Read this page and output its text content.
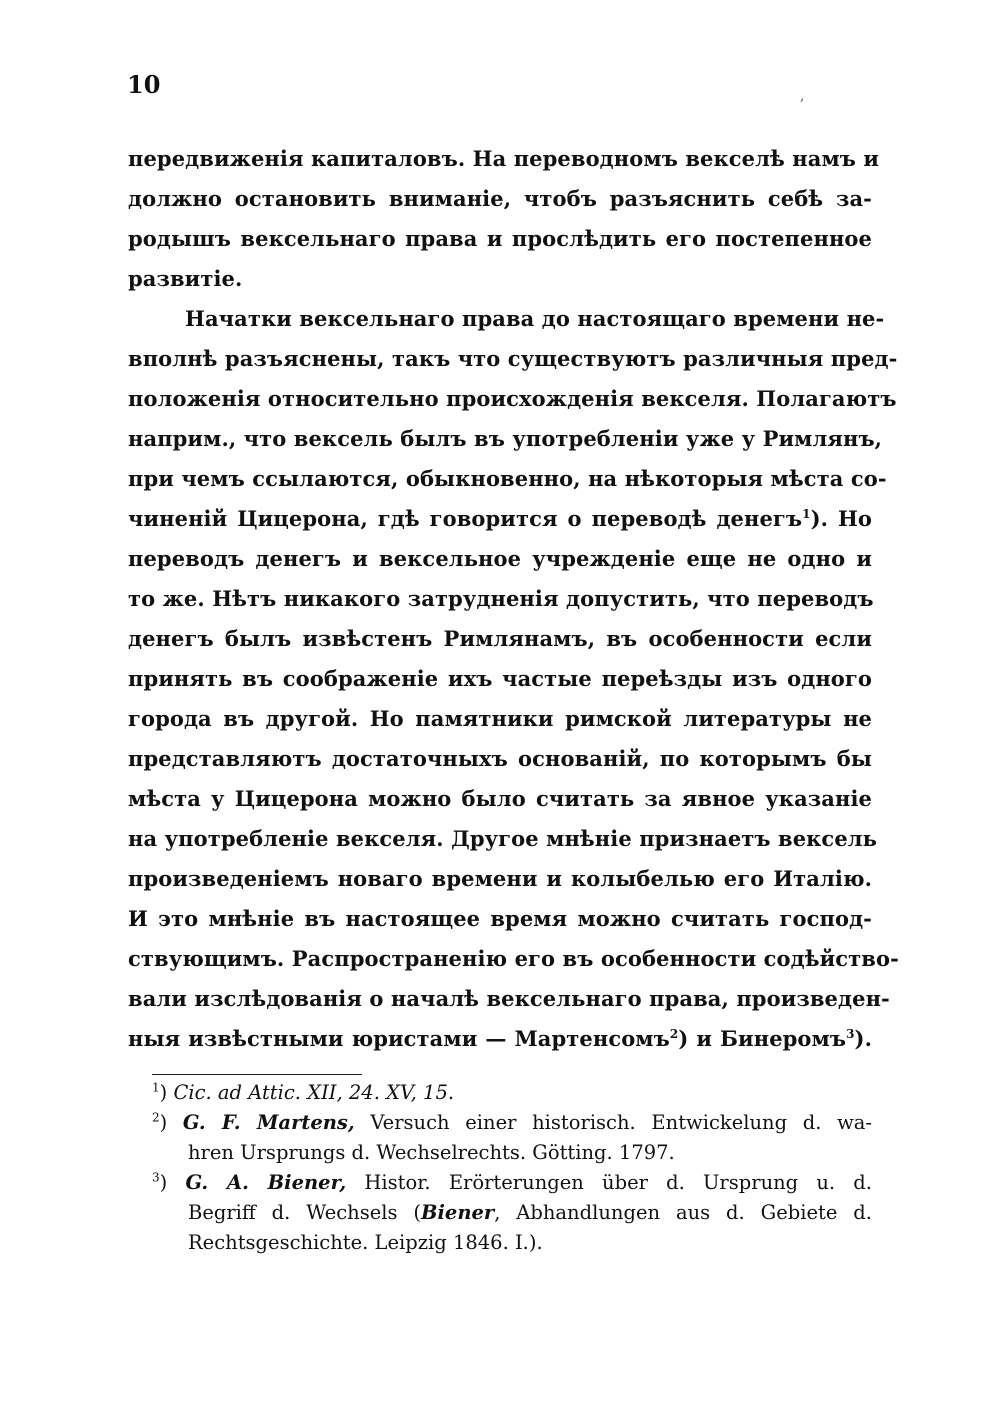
10	,
передвиженія капиталовъ. На переводномъ векселѣ намъ и
должно остановить вниманіе, чтобъ разъяснить себѣ за-
родышъ вексельнаго права и прослѣдить его постепенное
развитіе.
Начатки вексельнаго права до настоящаго времени не-
вполнѣ разъяснены, такъ что существуютъ различныя пред-
положенія относительно происхожденія векселя. Полагаютъ
наприм., что вексель былъ въ употребленіи уже у Римлянъ,
при чемъ ссылаются, обыкновенно, на нѣкоторыя мѣста со-
чиненій Цицерона, гдѣ говорится о переводѣ денегъ$^1$). Но
переводъ денегъ и вексельное учрежденіе еще не одно и
то же. Нѣтъ никакого затрудненія допустить, что переводъ
денегъ былъ извѣстенъ Римлянамъ, въ особенности если
принять въ соображеніе ихъ частые переѣзды изъ одного
города въ другой. Но памятники римской литературы не
представляютъ достаточныхъ основаній, по которымъ бы
мѣста у Цицерона можно было считать за явное указаніе
на употребленіе векселя. Другое мнѣніе признаетъ вексель
произведеніемъ новаго времени и колыбелью его Италію.
И это мнѣніе въ настоящее время можно считать господ-
ствующимъ. Распространенію его въ особенности содѣйство-
вали изслѣдованія о началѣ вексельнаго права, произведен-
ныя извѣстными юристами — Мартенсомъ$^2$) и Бинеромъ$^3$).
$^1$) Cic. ad Attic. XII, 24. XV, 15.
$^2$) G. F. Martens, Versuch einer historisch. Entwickelung d. wa-
hren Ursprungs d. Wechselrechts. Götting. 1797.
$^3$) G. A. Biener, Histor. Erörterungen über d. Ursprung u. d.
Begriff d. Wechsels (Biener, Abhandlungen aus d. Gebiete d.
Rechtsgeschichte. Leipzig 1846. I.).
